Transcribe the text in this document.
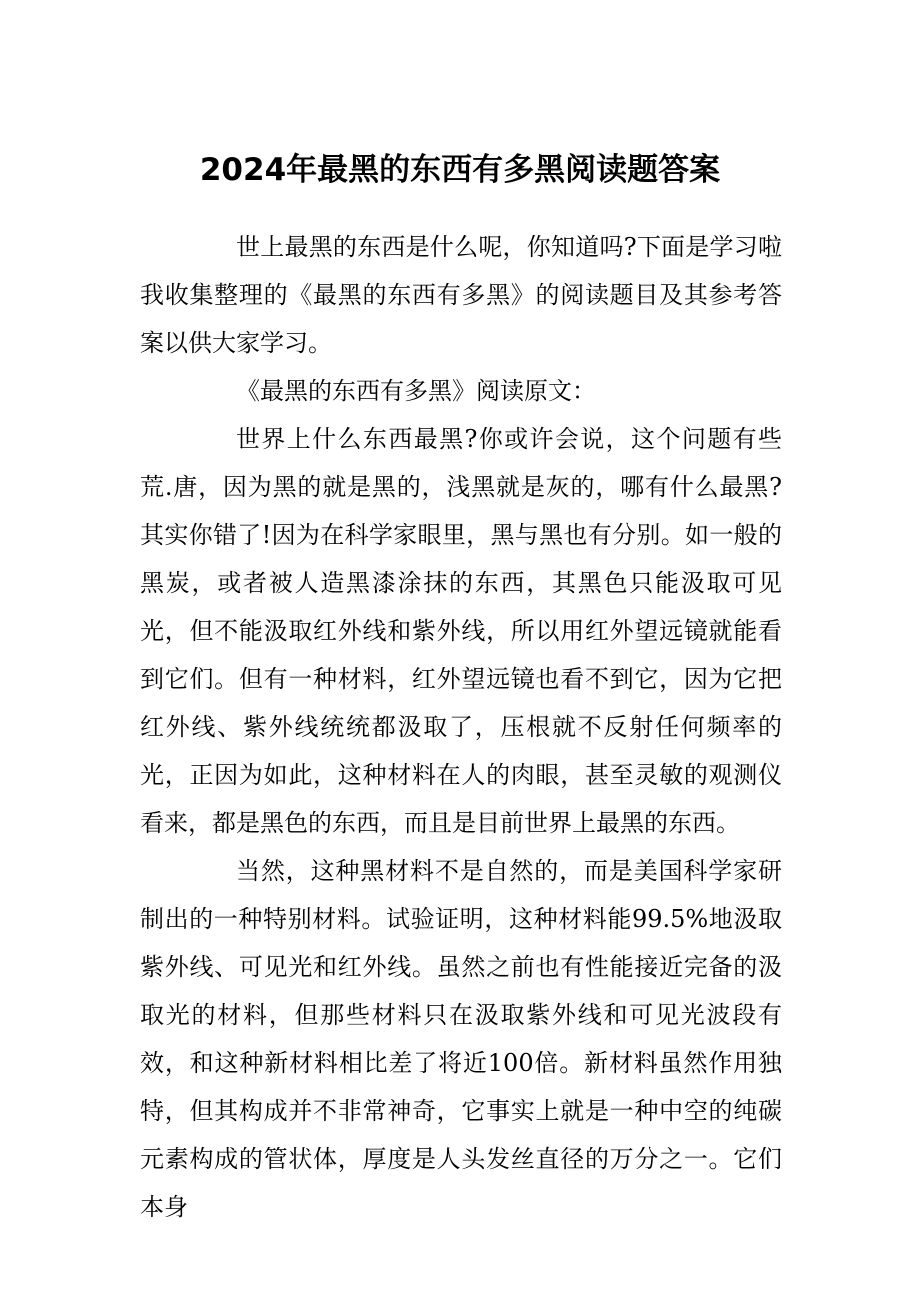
2024年最黑的东西有多黑阅读题答案

世上最黑的东西是什么呢，你知道吗?下面是学习啦我收集整理的《最黑的东西有多黑》的阅读题目及其参考答案以供大家学习。

《最黑的东西有多黑》阅读原文：

世界上什么东西最黑?你或许会说，这个问题有些荒.唐，因为黑的就是黑的，浅黑就是灰的，哪有什么最黑?其实你错了!因为在科学家眼里，黑与黑也有分别。如一般的黑炭，或者被人造黑漆涂抹的东西，其黑色只能汲取可见光，但不能汲取红外线和紫外线，所以用红外望远镜就能看到它们。但有一种材料，红外望远镜也看不到它，因为它把红外线、紫外线统统都汲取了，压根就不反射任何频率的光，正因为如此，这种材料在人的肉眼，甚至灵敏的观测仪看来，都是黑色的东西，而且是目前世界上最黑的东西。

当然，这种黑材料不是自然的，而是美国科学家研制出的一种特别材料。试验证明，这种材料能99.5%地汲取紫外线、可见光和红外线。虽然之前也有性能接近完备的汲取光的材料，但那些材料只在汲取紫外线和可见光波段有效，和这种新材料相比差了将近100倍。新材料虽然作用独特，但其构成并不非常神奇，它事实上就是一种中空的纯碳元素构成的管状体，厚度是人头发丝直径的万分之一。它们本身
